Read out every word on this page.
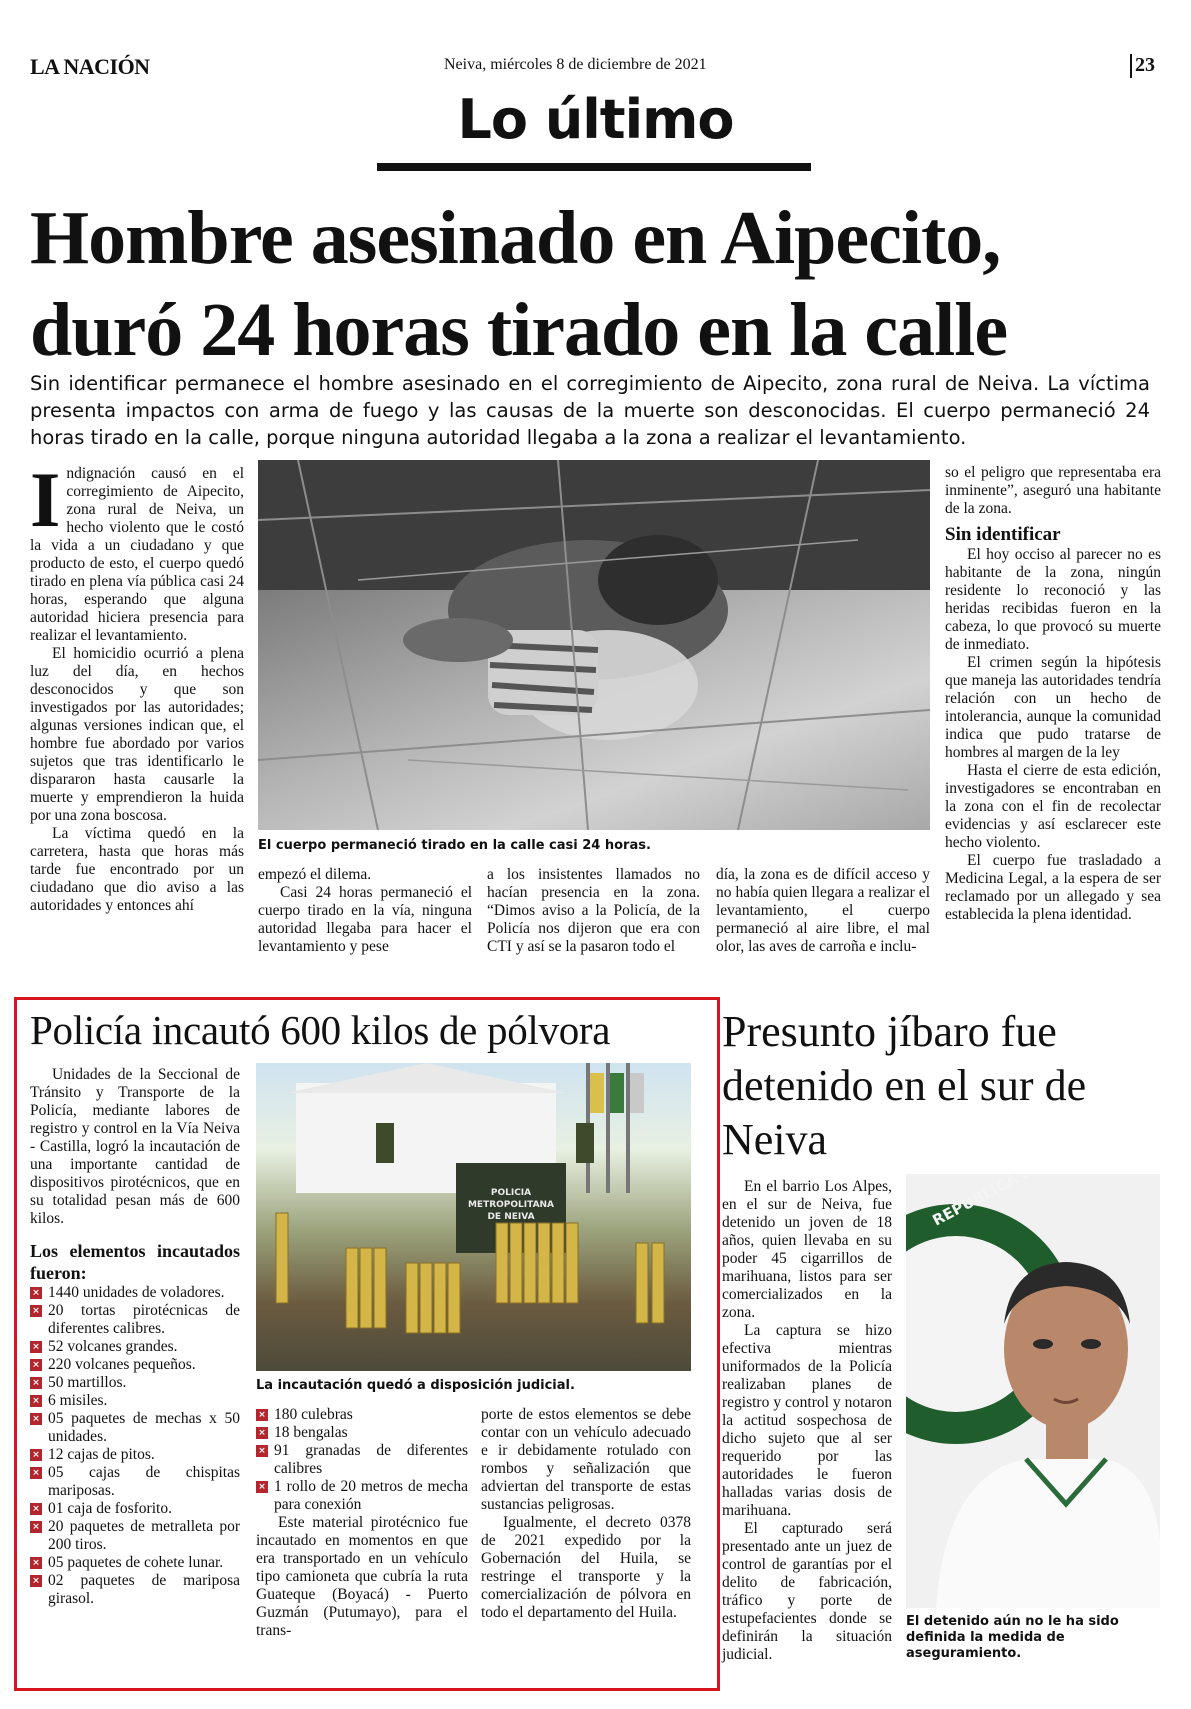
LA NACIÓN	Neiva, miércoles 8 de diciembre de 2021	23
Lo último
Hombre asesinado en Aipecito,
duró 24 horas tirado en la calle
Sin identificar permanece el hombre asesinado en el corregimiento de Aipecito, zona rural de Neiva. La víctima presenta impactos con arma de fuego y las causas de la muerte son desconocidas. El cuerpo permaneció 24 horas tirado en la calle, porque ninguna autoridad llegaba a la zona a realizar el levantamiento.

Indignación causó en el corregimiento de Aipecito, zona rural de Neiva, un hecho violento que le costó la vida a un ciudadano y que producto de esto, el cuerpo quedó tirado en plena vía pública casi 24 horas, esperando que alguna autoridad hiciera presencia para realizar el levantamiento.

El homicidio ocurrió a plena luz del día, en hechos desconocidos y que son investigados por las autoridades; algunas versiones indican que, el hombre fue abordado por varios sujetos que tras identificarlo le dispararon hasta causarle la muerte y emprendieron la huida por una zona boscosa.

La víctima quedó en la carretera, hasta que horas más tarde fue encontrado por un ciudadano que dio aviso a las autoridades y entonces ahí

El cuerpo permaneció tirado en la calle casi 24 horas.

empezó el dilema.

Casi 24 horas permaneció el cuerpo tirado en la vía, ninguna autoridad llegaba para hacer el levantamiento y pese

a los insistentes llamados no hacían presencia en la zona. “Dimos aviso a la Policía, de la Policía nos dijeron que era con CTI y así se la pasaron todo el

día, la zona es de difícil acceso y no había quien llegara a realizar el levantamiento, el cuerpo permaneció al aire libre, el mal olor, las aves de carroña e inclu-

so el peligro que representaba era inminente”, aseguró una habitante de la zona.

Sin identificar

El hoy occiso al parecer no es habitante de la zona, ningún residente lo reconoció y las heridas recibidas fueron en la cabeza, lo que provocó su muerte de inmediato.

El crimen según la hipótesis que maneja las autoridades tendría relación con un hecho de intolerancia, aunque la comunidad indica que pudo tratarse de hombres al margen de la ley

Hasta el cierre de esta edición, investigadores se encontraban en la zona con el fin de recolectar evidencias y así esclarecer este hecho violento.

El cuerpo fue trasladado a Medicina Legal, a la espera de ser reclamado por un allegado y sea establecida la plena identidad.

Policía incautó 600 kilos de pólvora

Unidades de la Seccional de Tránsito y Transporte de la Policía, mediante labores de registro y control en la Vía Neiva - Castilla, logró la incautación de una importante cantidad de dispositivos pirotécnicos, que en su totalidad pesan más de 600 kilos.

Los elementos incautados fueron:
× 1440 unidades de voladores.
× 20 tortas pirotécnicas de diferentes calibres.
× 52 volcanes grandes.
× 220 volcanes pequeños.
× 50 martillos.
× 6 misiles.
× 05 paquetes de mechas x 50 unidades.
× 12 cajas de pitos.
× 05 cajas de chispitas mariposas.
× 01 caja de fosforito.
× 20 paquetes de metralleta por 200 tiros.
× 05 paquetes de cohete lunar.
× 02 paquetes de mariposa girasol.
POLICIA
METROPOLITANA
DE NEIVA
La incautación quedó a disposición judicial.
× 180 culebras
× 18 bengalas
× 91 granadas de diferentes calibres
× 1 rollo de 20 metros de mecha para conexión

Este material pirotécnico fue incautado en momentos en que era transportado en un vehículo tipo camioneta que cubría la ruta Guateque (Boyacá) - Puerto Guzmán (Putumayo), para el trans-

porte de estos elementos se debe contar con un vehículo adecuado e ir debidamente rotulado con rombos y señalización que adviertan del transporte de estas sustancias peligrosas.

Igualmente, el decreto 0378 de 2021 expedido por la Gobernación del Huila, se restringe el transporte y la comercialización de pólvora en todo el departamento del Huila.

Presunto jíbaro fue detenido en el sur de Neiva

En el barrio Los Alpes, en el sur de Neiva, fue detenido un joven de 18 años, quien llevaba en su poder 45 cigarrillos de marihuana, listos para ser comercializados en la zona.

La captura se hizo efectiva mientras uniformados de la Policía realizaban planes de registro y control y notaron la actitud sospechosa de dicho sujeto que al ser requerido por las autoridades le fueron halladas varias dosis de marihuana.

El capturado será presentado ante un juez de control de garantías por el delito de fabricación, tráfico y porte de estupefacientes donde se definirán la situación judicial.

El detenido aún no le ha sido definida la medida de aseguramiento.
